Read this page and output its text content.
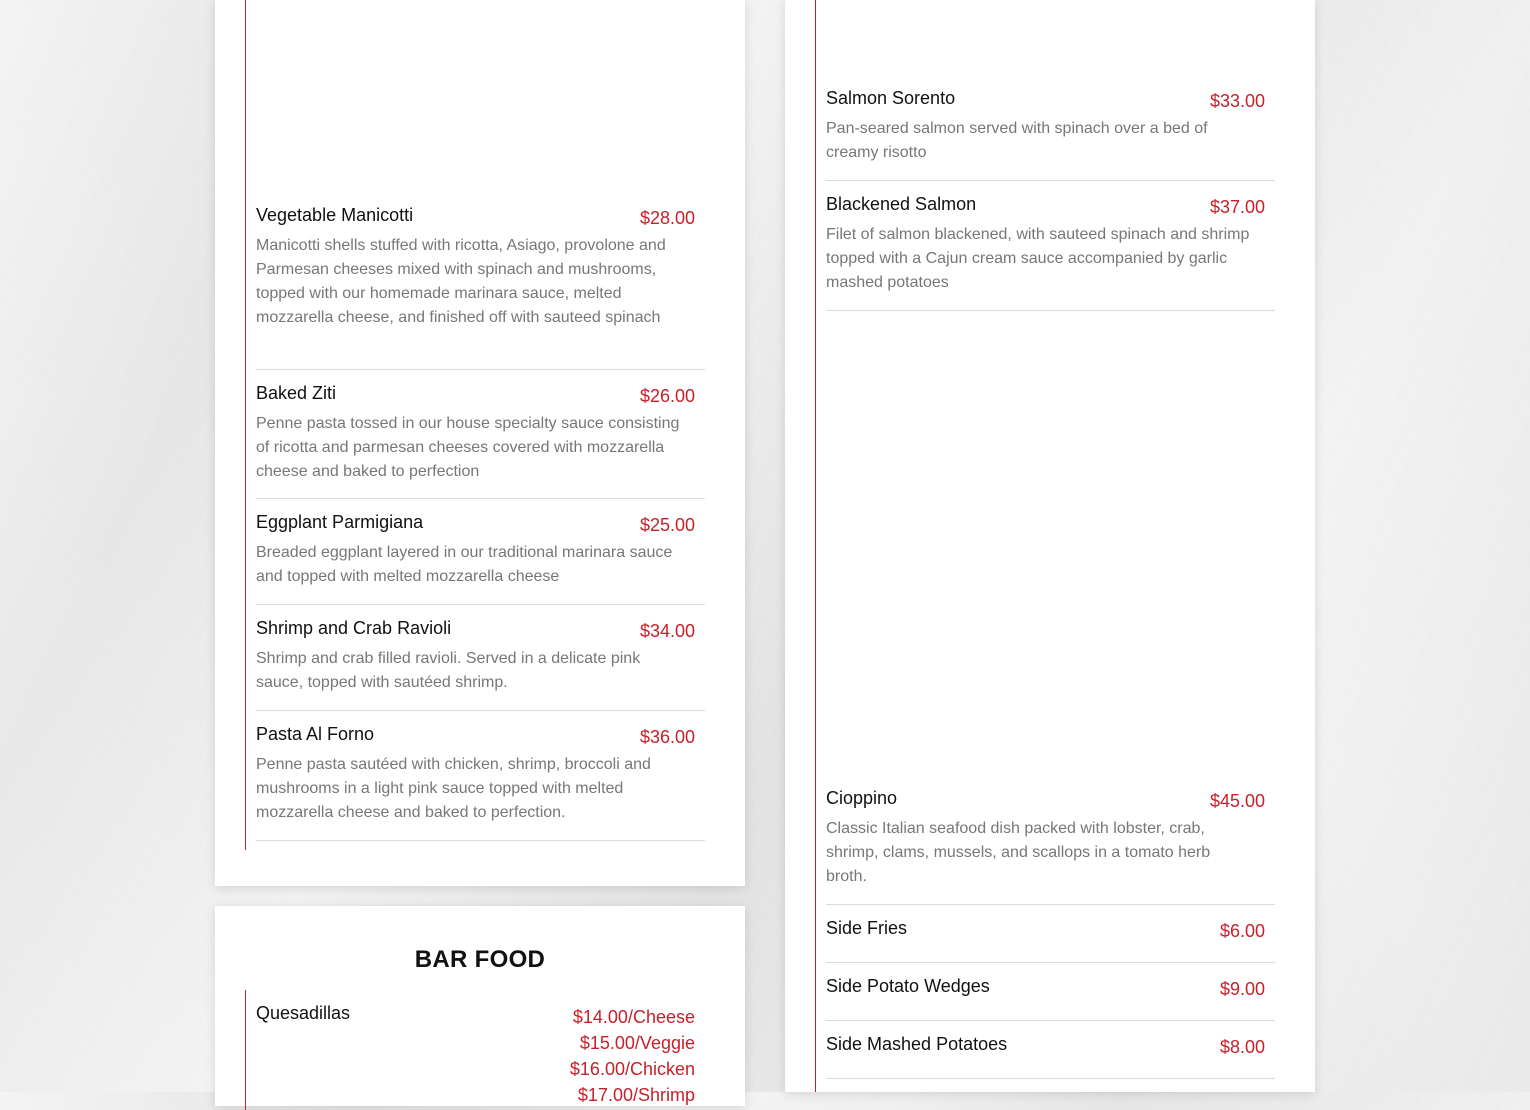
Vegetable Manicotti	$28.00
Manicotti shells stuffed with ricotta, Asiago, provolone and Parmesan cheeses mixed with spinach and mushrooms, topped with our homemade marinara sauce, melted mozzarella cheese, and finished off with sauteed spinach
Baked Ziti	$26.00
Penne pasta tossed in our house specialty sauce consisting of ricotta and parmesan cheeses covered with mozzarella cheese and baked to perfection
Eggplant Parmigiana	$25.00
Breaded eggplant layered in our traditional marinara sauce and topped with melted mozzarella cheese
Shrimp and Crab Ravioli	$34.00
Shrimp and crab filled ravioli. Served in a delicate pink sauce, topped with sautéed shrimp.
Pasta Al Forno	$36.00
Penne pasta sautéed with chicken, shrimp, broccoli and mushrooms in a light pink sauce topped with melted mozzarella cheese and baked to perfection.
Salmon Sorento	$33.00
Pan-seared salmon served with spinach over a bed of creamy risotto
Blackened Salmon	$37.00
Filet of salmon blackened, with sauteed spinach and shrimp topped with a Cajun cream sauce accompanied by garlic mashed potatoes
Cioppino	$45.00
Classic Italian seafood dish packed with lobster, crab, shrimp, clams, mussels, and scallops in a tomato herb broth.
Side Fries	$6.00
Side Potato Wedges	$9.00
Side Mashed Potatoes	$8.00
BAR FOOD
Quesadillas	$14.00/Cheese
$15.00/Veggie
$16.00/Chicken
$17.00/Shrimp
